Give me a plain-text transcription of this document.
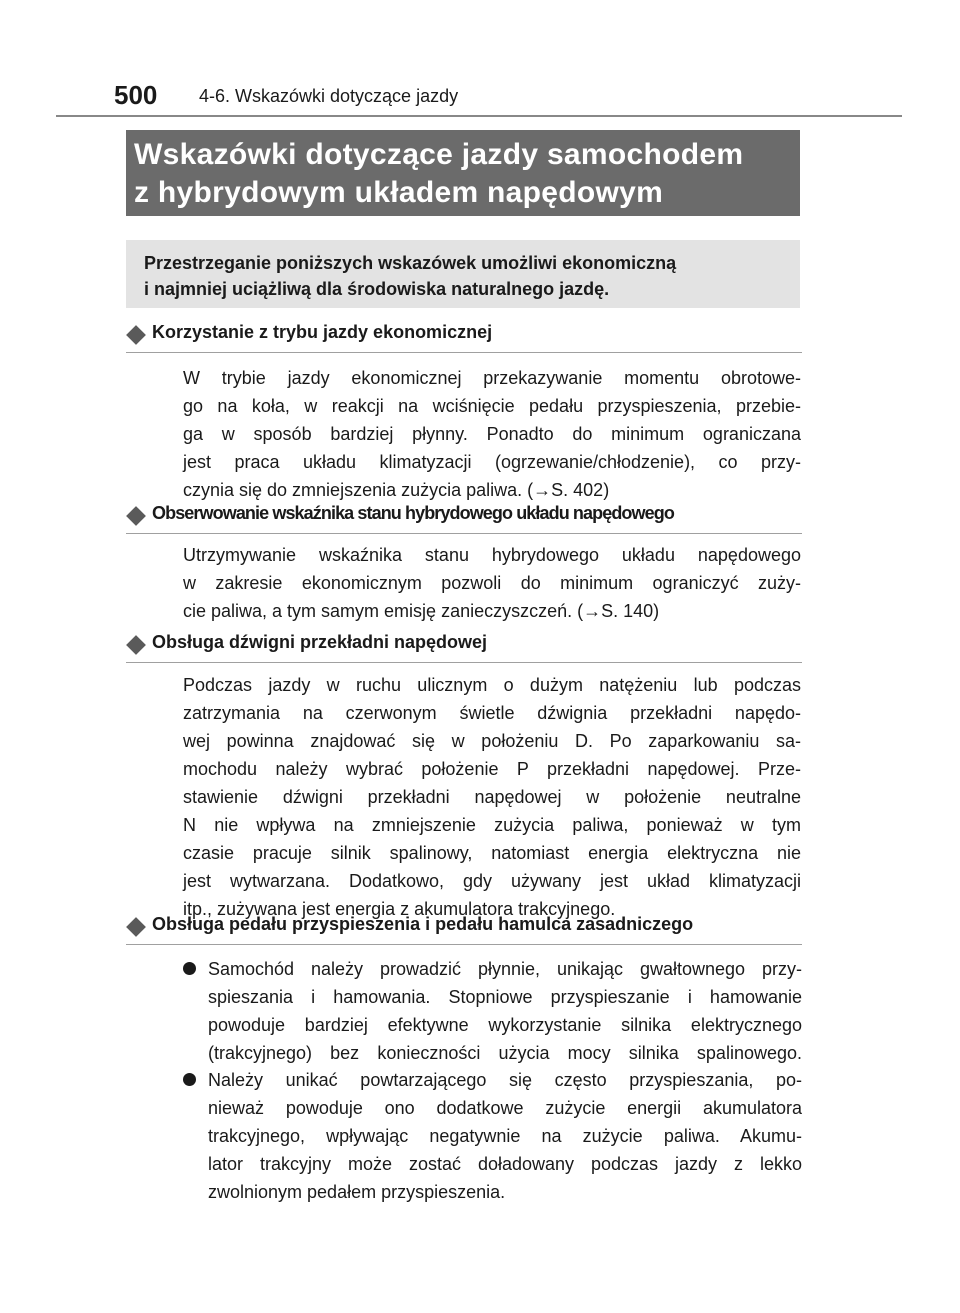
500 4-6. Wskazówki dotyczące jazdy
Wskazówki dotyczące jazdy samochodem
z hybrydowym układem napędowym
Przestrzeganie poniższych wskazówek umożliwi ekonomiczną
i najmniej uciążliwą dla środowiska naturalnego jazdę.
Korzystanie z trybu jazdy ekonomicznej
W trybie jazdy ekonomicznej przekazywanie momentu obrotowe-
go na koła, w reakcji na wciśnięcie pedału przyspieszenia, przebie-
ga w sposób bardziej płynny. Ponadto do minimum ograniczana
jest praca układu klimatyzacji (ogrzewanie/chłodzenie), co przy-
czynia się do zmniejszenia zużycia paliwa. (→S. 402)
Obserwowanie wskaźnika stanu hybrydowego układu napędowego
Utrzymywanie wskaźnika stanu hybrydowego układu napędowego
w zakresie ekonomicznym pozwoli do minimum ograniczyć zuży-
cie paliwa, a tym samym emisję zanieczyszczeń. (→S. 140)
Obsługa dźwigni przekładni napędowej
Podczas jazdy w ruchu ulicznym o dużym natężeniu lub podczas
zatrzymania na czerwonym świetle dźwignia przekładni napędo-
wej powinna znajdować się w położeniu D. Po zaparkowaniu sa-
mochodu należy wybrać położenie P przekładni napędowej. Prze-
stawienie dźwigni przekładni napędowej w położenie neutralne
N nie wpływa na zmniejszenie zużycia paliwa, ponieważ w tym
czasie pracuje silnik spalinowy, natomiast energia elektryczna nie
jest wytwarzana. Dodatkowo, gdy używany jest układ klimatyzacji
itp., zużywana jest energia z akumulatora trakcyjnego.
Obsługa pedału przyspieszenia i pedału hamulca zasadniczego
Samochód należy prowadzić płynnie, unikając gwałtownego przy-
spieszania i hamowania. Stopniowe przyspieszanie i hamowanie
powoduje bardziej efektywne wykorzystanie silnika elektrycznego
(trakcyjnego) bez konieczności użycia mocy silnika spalinowego.
Należy unikać powtarzającego się często przyspieszania, po-
nieważ powoduje ono dodatkowe zużycie energii akumulatora
trakcyjnego, wpływając negatywnie na zużycie paliwa. Akumu-
lator trakcyjny może zostać doładowany podczas jazdy z lekko
zwolnionym pedałem przyspieszenia.
